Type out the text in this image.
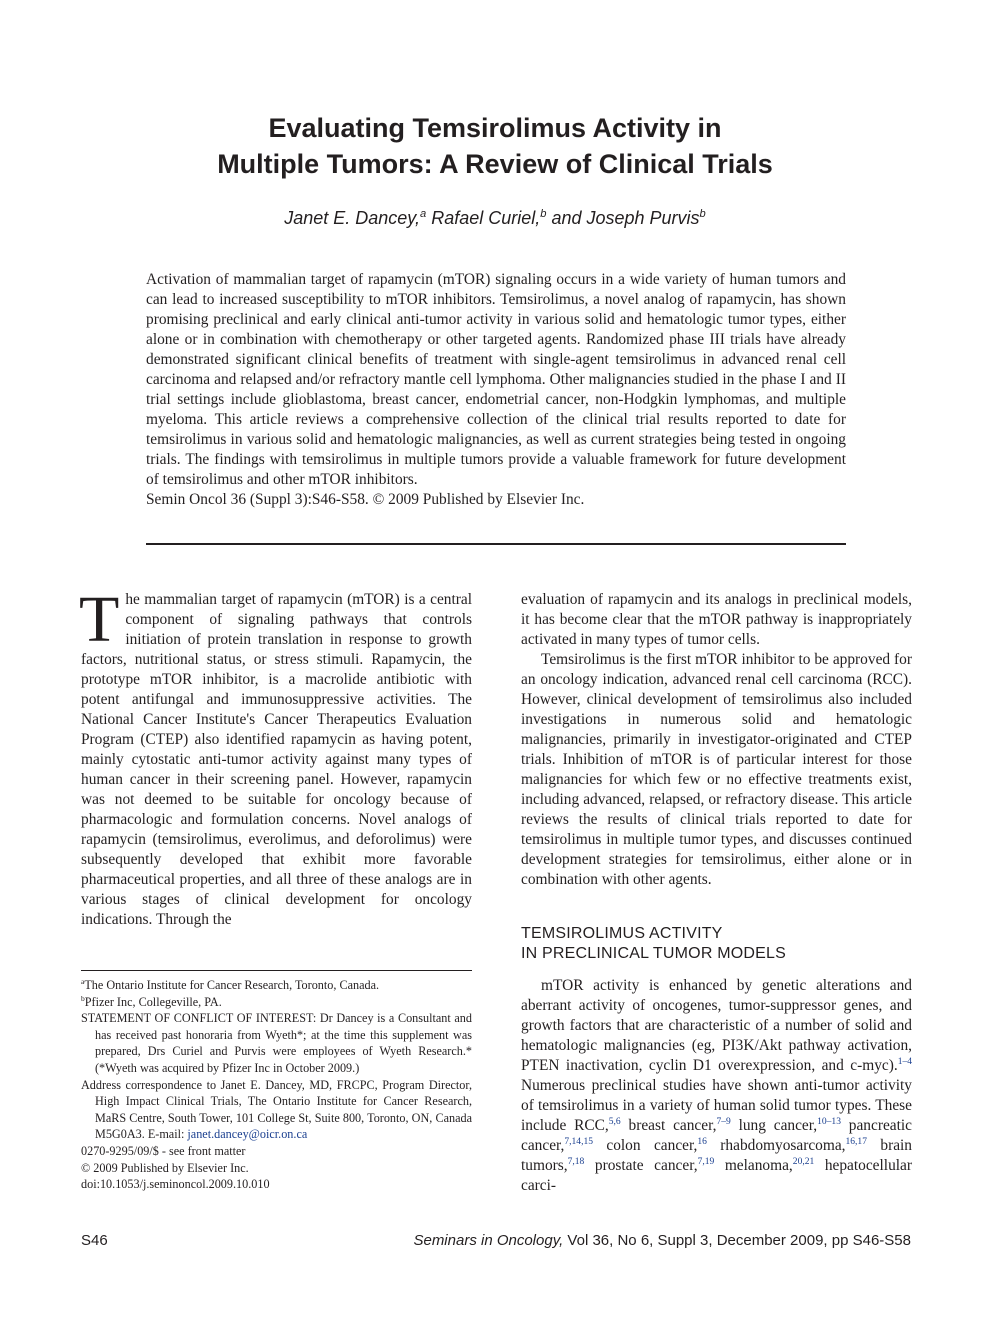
Evaluating Temsirolimus Activity in
Multiple Tumors: A Review of Clinical Trials
Janet E. Dancey,$^a$ Rafael Curiel,$^b$ and Joseph Purvis$^b$

Activation of mammalian target of rapamycin (mTOR) signaling occurs in a wide variety of human tumors and can lead to increased susceptibility to mTOR inhibitors. Temsirolimus, a novel analog of rapamycin, has shown promising preclinical and early clinical anti-tumor activity in various solid and hematologic tumor types, either alone or in combination with chemotherapy or other targeted agents. Randomized phase III trials have already demonstrated significant clinical benefits of treatment with single-agent temsirolimus in advanced renal cell carcinoma and relapsed and/or refractory mantle cell lymphoma. Other malignancies studied in the phase I and II trial settings include glioblastoma, breast cancer, endometrial cancer, non-Hodgkin lymphomas, and multiple myeloma. This article reviews a comprehensive collection of the clinical trial results reported to date for temsirolimus in various solid and hematologic malignancies, as well as current strategies being tested in ongoing trials. The findings with temsirolimus in multiple tumors provide a valuable framework for future development of temsirolimus and other mTOR inhibitors.

Semin Oncol 36 (Suppl 3):S46-S58. © 2009 Published by Elsevier Inc.

The mammalian target of rapamycin (mTOR) is a central component of signaling pathways that controls initiation of protein translation in response to growth factors, nutritional status, or stress stimuli. Rapamycin, the prototype mTOR inhibitor, is a macrolide antibiotic with potent antifungal and immunosuppressive activities. The National Cancer Institute's Cancer Therapeutics Evaluation Program (CTEP) also identified rapamycin as having potent, mainly cytostatic anti-tumor activity against many types of human cancer in their screening panel. However, rapamycin was not deemed to be suitable for oncology because of pharmacologic and formulation concerns. Novel analogs of rapamycin (temsirolimus, everolimus, and deforolimus) were subsequently developed that exhibit more favorable pharmaceutical properties, and all three of these analogs are in various stages of clinical development for oncology indications. Through the

evaluation of rapamycin and its analogs in preclinical models, it has become clear that the mTOR pathway is inappropriately activated in many types of tumor cells.

Temsirolimus is the first mTOR inhibitor to be approved for an oncology indication, advanced renal cell carcinoma (RCC). However, clinical development of temsirolimus also included investigations in numerous solid and hematologic malignancies, primarily in investigator-originated and CTEP trials. Inhibition of mTOR is of particular interest for those malignancies for which few or no effective treatments exist, including advanced, relapsed, or refractory disease. This article reviews the results of clinical trials reported to date for temsirolimus in multiple tumor types, and discusses continued development strategies for temsirolimus, either alone or in combination with other agents.

TEMSIROLIMUS ACTIVITY
IN PRECLINICAL TUMOR MODELS

mTOR activity is enhanced by genetic alterations and aberrant activity of oncogenes, tumor-suppressor genes, and growth factors that are characteristic of a number of solid and hematologic malignancies (eg, PI3K/Akt pathway activation, PTEN inactivation, cyclin D1 overexpression, and c-myc).$^{1-4}$ Numerous preclinical studies have shown anti-tumor activity of temsirolimus in a variety of human solid tumor types. These include RCC,$^{5,6}$ breast cancer,$^{7-9}$ lung cancer,$^{10-13}$ pancreatic cancer,$^{7,14,15}$ colon cancer,$^{16}$ rhabdomyosarcoma,$^{16,17}$ brain tumors,$^{7,18}$ prostate cancer,$^{7,19}$ melanoma,$^{20,21}$ hepatocellular carci-

$^a$The Ontario Institute for Cancer Research, Toronto, Canada.

$^b$Pfizer Inc, Collegeville, PA.

STATEMENT OF CONFLICT OF INTEREST: Dr Dancey is a Consultant and has received past honoraria from Wyeth*; at the time this supplement was prepared, Drs Curiel and Purvis were employees of Wyeth Research.* (*Wyeth was acquired by Pfizer Inc in October 2009.)

Address correspondence to Janet E. Dancey, MD, FRCPC, Program Director, High Impact Clinical Trials, The Ontario Institute for Cancer Research, MaRS Centre, South Tower, 101 College St, Suite 800, Toronto, ON, Canada M5G0A3. E-mail: janet.dancey@oicr.on.ca

0270-9295/09/$ - see front matter

© 2009 Published by Elsevier Inc.

doi:10.1053/j.seminoncol.2009.10.010

S46	Seminars in Oncology, Vol 36, No 6, Suppl 3, December 2009, pp S46-S58
